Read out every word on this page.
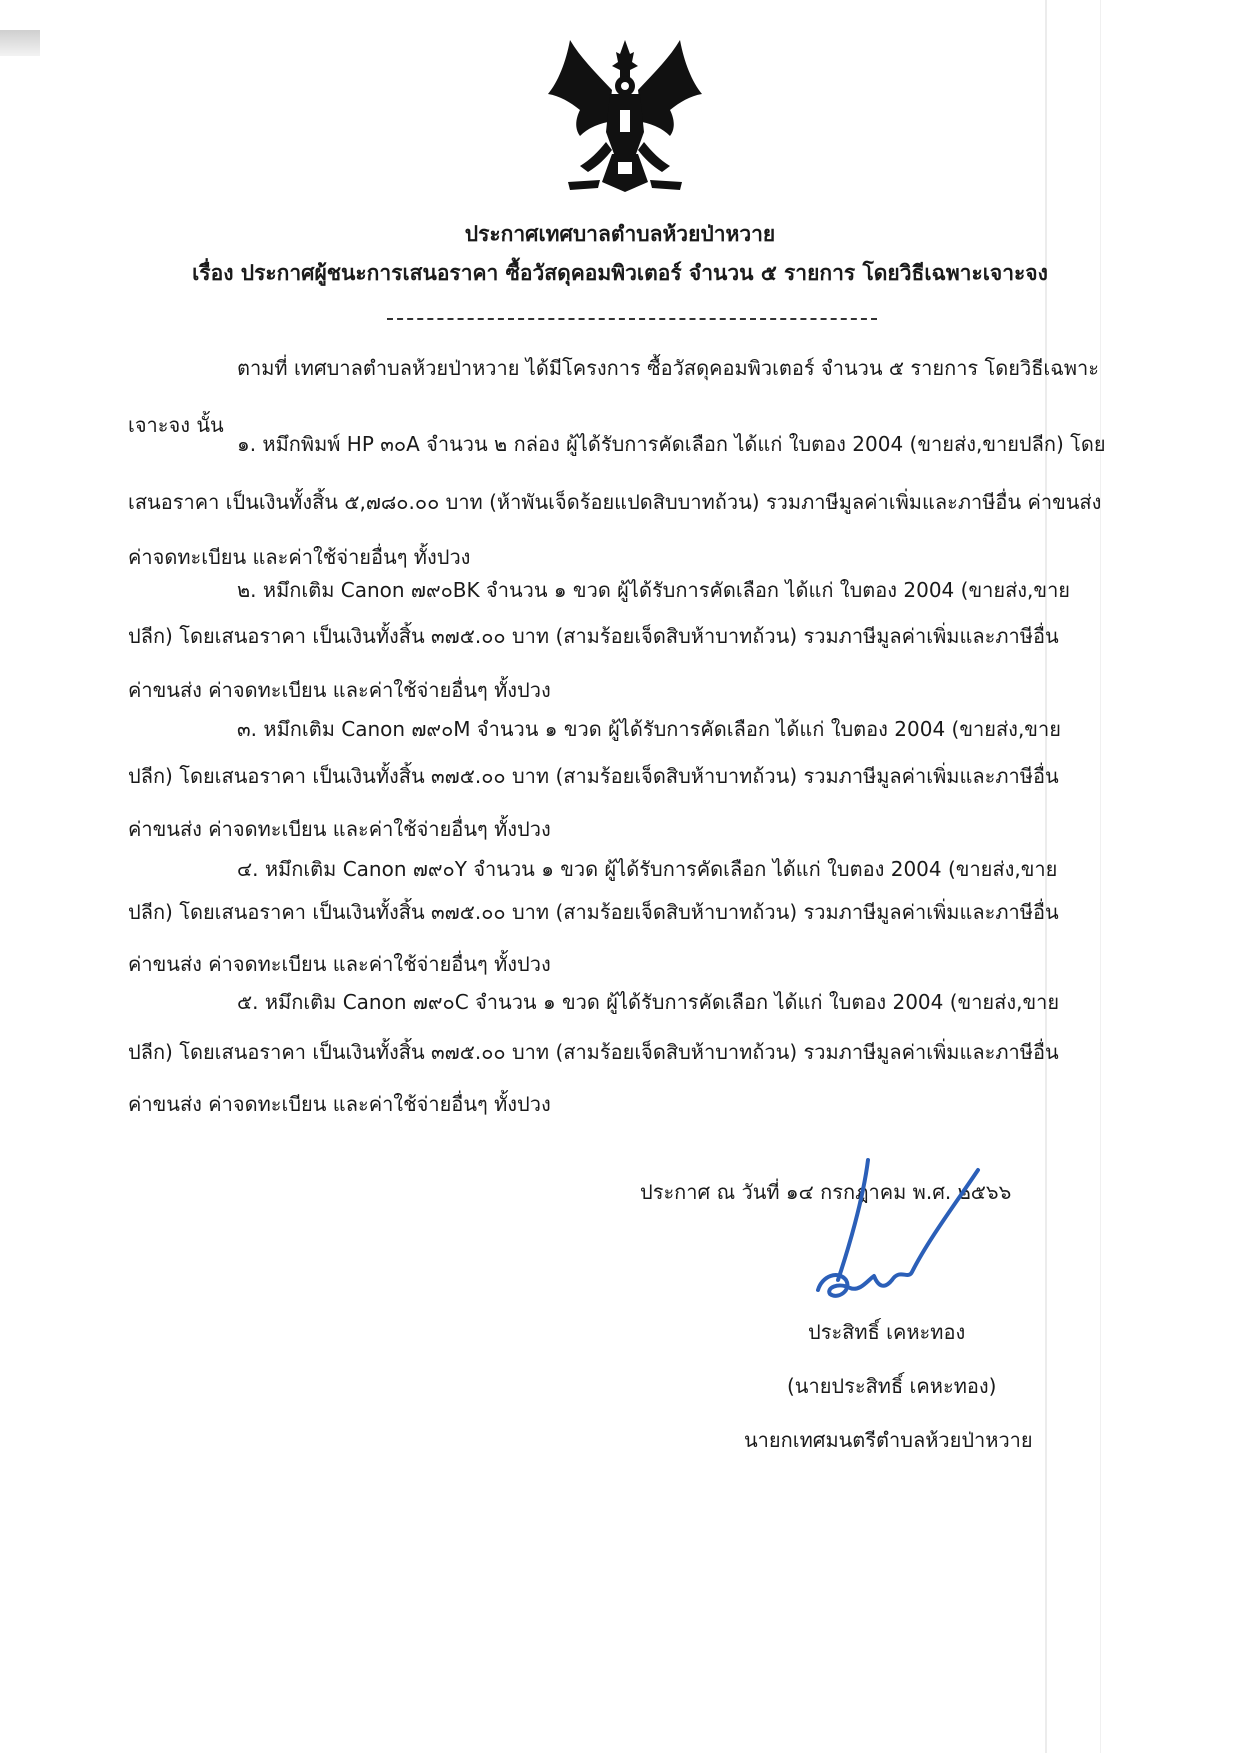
ประกาศเทศบาลตำบลห้วยป่าหวาย
เรื่อง ประกาศผู้ชนะการเสนอราคา ซื้อวัสดุคอมพิวเตอร์ จำนวน ๕ รายการ โดยวิธีเฉพาะเจาะจง
ตามที่ เทศบาลตำบลห้วยป่าหวาย ได้มีโครงการ ซื้อวัสดุคอมพิวเตอร์ จำนวน ๕ รายการ โดยวิธีเฉพาะ
เจาะจง นั้น
๑. หมึกพิมพ์ HP ๓๐A จำนวน ๒ กล่อง ผู้ได้รับการคัดเลือก ได้แก่ ใบตอง 2004 (ขายส่ง,ขายปลีก) โดย
เสนอราคา เป็นเงินทั้งสิ้น ๕,๗๘๐.๐๐ บาท (ห้าพันเจ็ดร้อยแปดสิบบาทถ้วน) รวมภาษีมูลค่าเพิ่มและภาษีอื่น ค่าขนส่ง
ค่าจดทะเบียน และค่าใช้จ่ายอื่นๆ ทั้งปวง
๒. หมึกเติม Canon ๗๙๐BK จำนวน ๑ ขวด ผู้ได้รับการคัดเลือก ได้แก่ ใบตอง 2004 (ขายส่ง,ขาย
ปลีก) โดยเสนอราคา เป็นเงินทั้งสิ้น ๓๗๕.๐๐ บาท (สามร้อยเจ็ดสิบห้าบาทถ้วน) รวมภาษีมูลค่าเพิ่มและภาษีอื่น
ค่าขนส่ง ค่าจดทะเบียน และค่าใช้จ่ายอื่นๆ ทั้งปวง
๓. หมึกเติม Canon ๗๙๐M จำนวน ๑ ขวด ผู้ได้รับการคัดเลือก ได้แก่ ใบตอง 2004 (ขายส่ง,ขาย
ปลีก) โดยเสนอราคา เป็นเงินทั้งสิ้น ๓๗๕.๐๐ บาท (สามร้อยเจ็ดสิบห้าบาทถ้วน) รวมภาษีมูลค่าเพิ่มและภาษีอื่น
ค่าขนส่ง ค่าจดทะเบียน และค่าใช้จ่ายอื่นๆ ทั้งปวง
๔. หมึกเติม Canon ๗๙๐Y จำนวน ๑ ขวด ผู้ได้รับการคัดเลือก ได้แก่ ใบตอง 2004 (ขายส่ง,ขาย
ปลีก) โดยเสนอราคา เป็นเงินทั้งสิ้น ๓๗๕.๐๐ บาท (สามร้อยเจ็ดสิบห้าบาทถ้วน) รวมภาษีมูลค่าเพิ่มและภาษีอื่น
ค่าขนส่ง ค่าจดทะเบียน และค่าใช้จ่ายอื่นๆ ทั้งปวง
๕. หมึกเติม Canon ๗๙๐C จำนวน ๑ ขวด ผู้ได้รับการคัดเลือก ได้แก่ ใบตอง 2004 (ขายส่ง,ขาย
ปลีก) โดยเสนอราคา เป็นเงินทั้งสิ้น ๓๗๕.๐๐ บาท (สามร้อยเจ็ดสิบห้าบาทถ้วน) รวมภาษีมูลค่าเพิ่มและภาษีอื่น
ค่าขนส่ง ค่าจดทะเบียน และค่าใช้จ่ายอื่นๆ ทั้งปวง
ประกาศ ณ วันที่ ๑๔ กรกฎาคม พ.ศ. ๒๕๖๖
ประสิทธิ์ เคหะทอง
(นายประสิทธิ์ เคหะทอง)
นายกเทศมนตรีตำบลห้วยป่าหวาย
